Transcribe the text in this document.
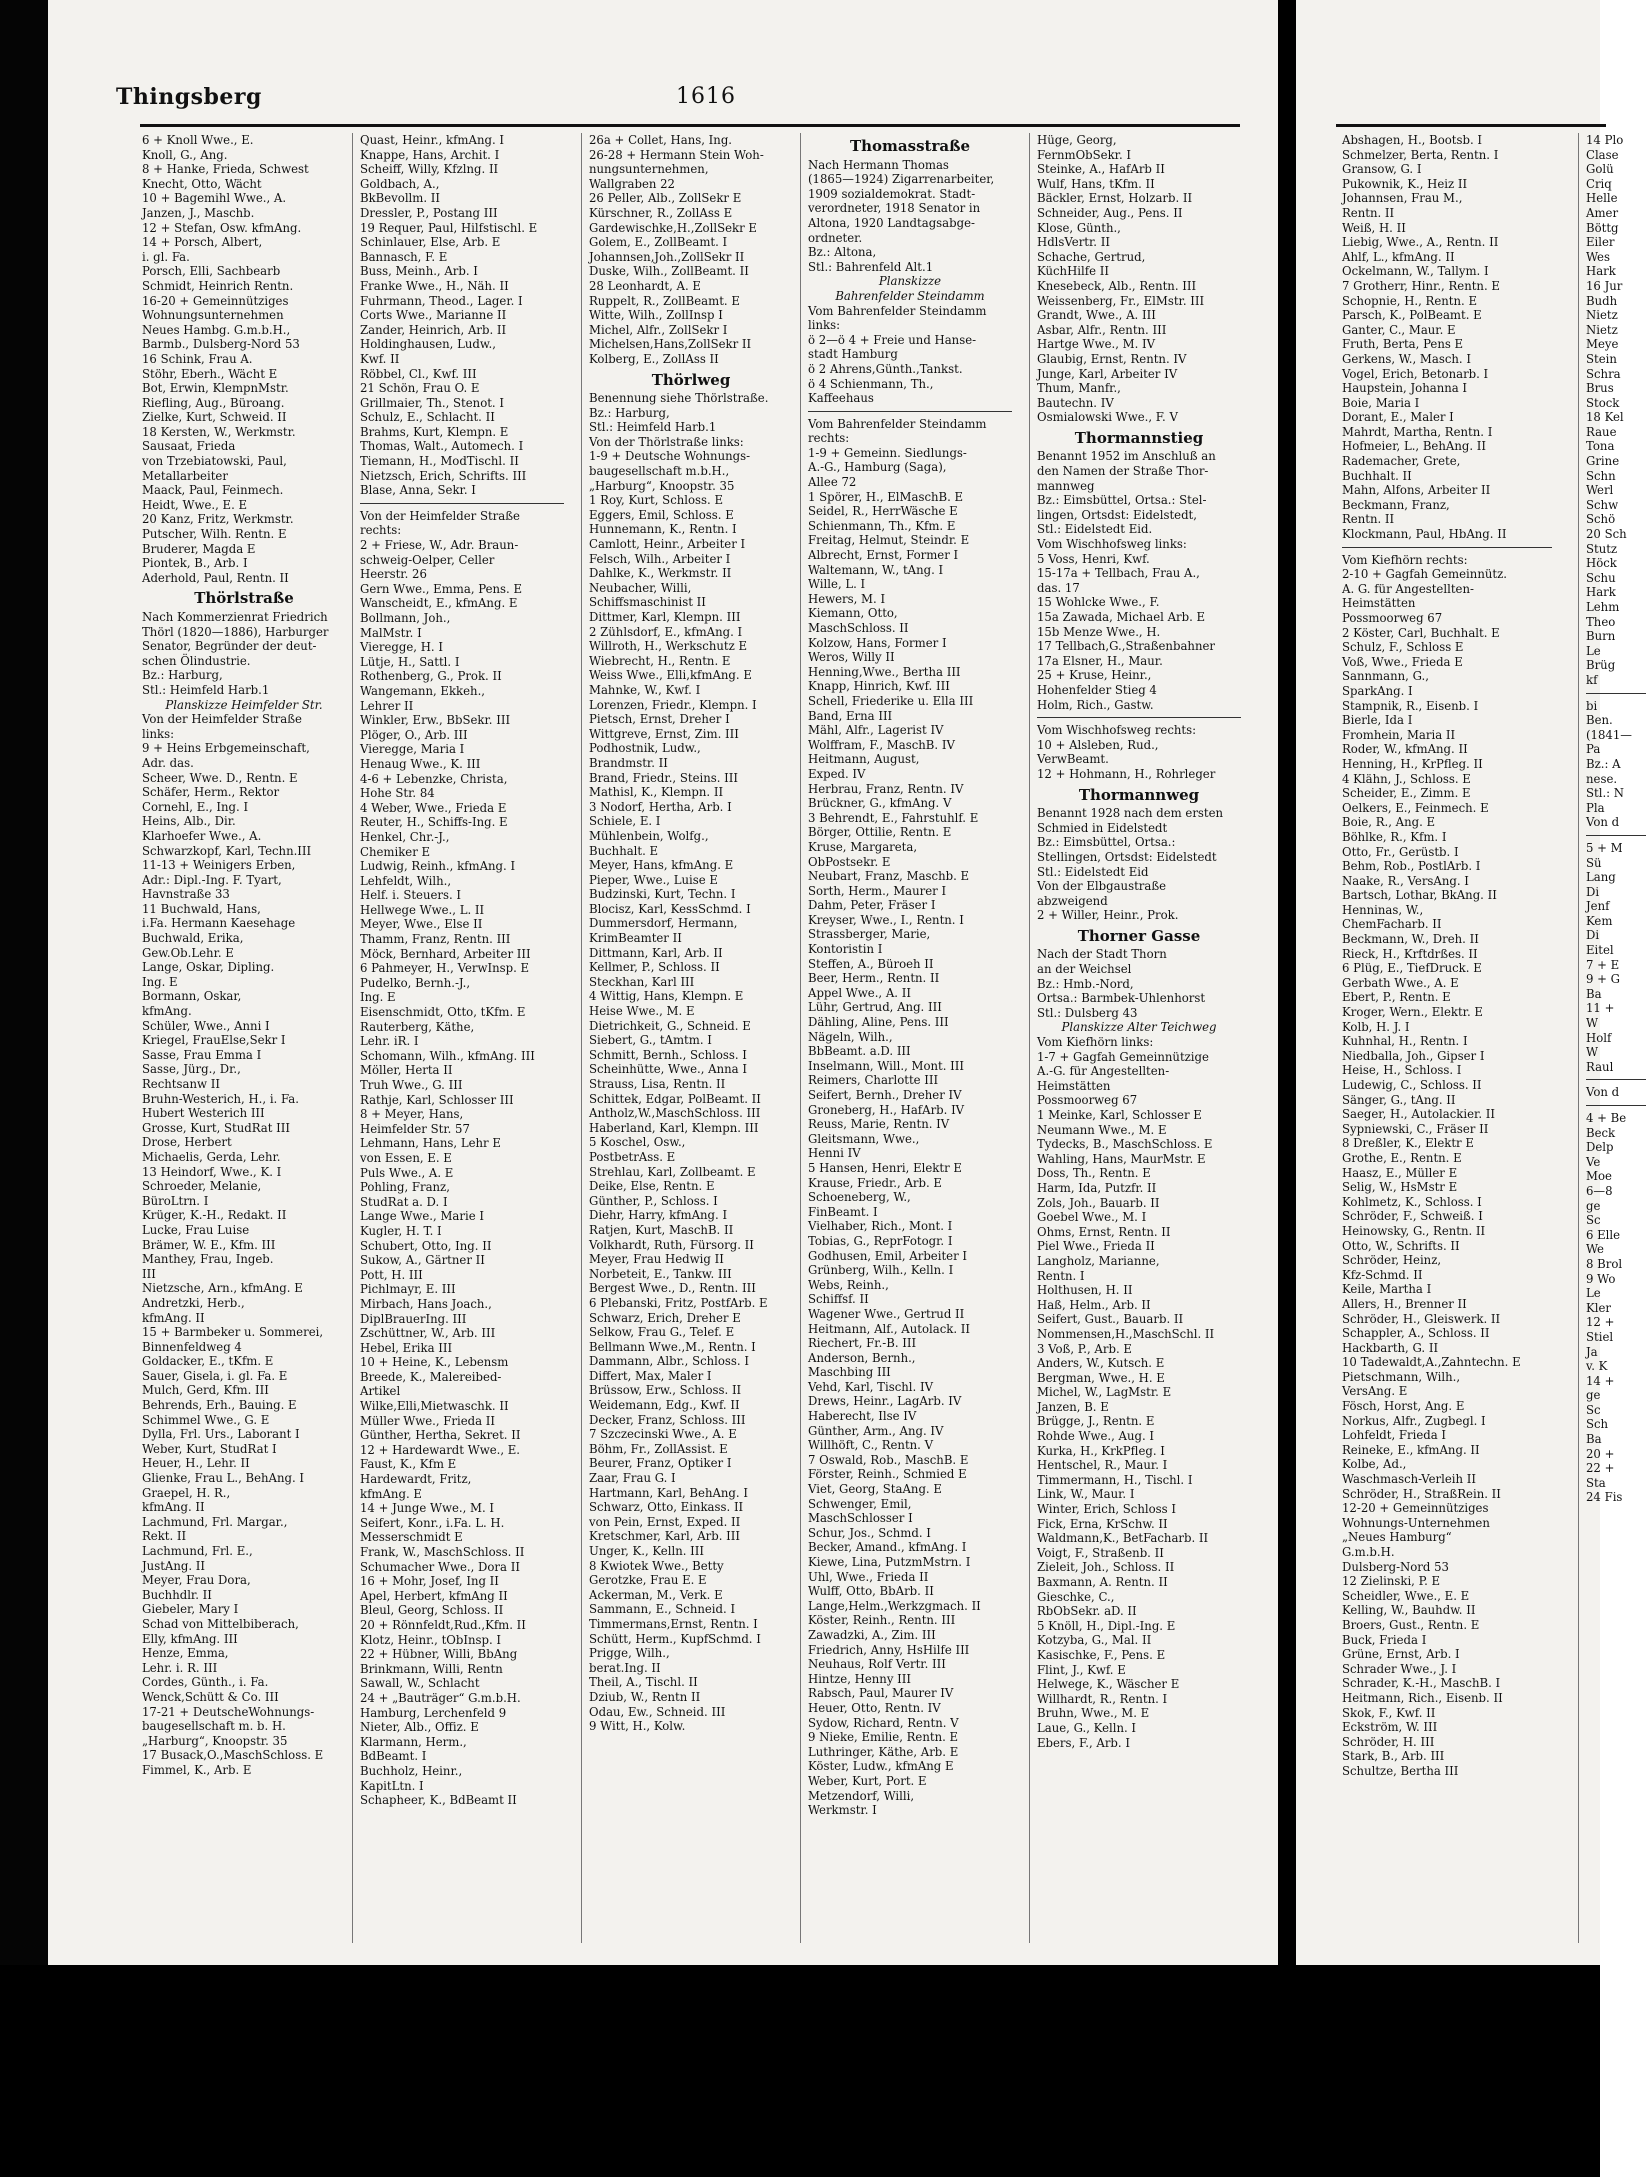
Thingsberg	1616
6 + Knoll Wwe., E.
Knoll, G., Ang.
8 + Hanke, Frieda, Schwest
Knecht, Otto, Wächt
10 + Bagemihl Wwe., A.
Janzen, J., Maschb.
12 + Stefan, Osw. kfmAng.
14 + Porsch, Albert,
i. gl. Fa.
Porsch, Elli, Sachbearb
Schmidt, Heinrich Rentn.
16-20 + Gemeinnütziges
Wohnungsunternehmen
Neues Hambg. G.m.b.H.,
Barmb., Dulsberg-Nord 53
16 Schink, Frau A.
Stöhr, Eberh., Wächt E
Bot, Erwin, KlempnMstr.
Riefling, Aug., Büroang.
Zielke, Kurt, Schweid. II
18 Kersten, W., Werkmstr.
Sausaat, Frieda
von Trzebiatowski, Paul,
Metallarbeiter
Maack, Paul, Feinmech.
Heidt, Wwe., E. E
20 Kanz, Fritz, Werkmstr.
Putscher, Wilh. Rentn. E
Bruderer, Magda E
Piontek, B., Arb. I
Aderhold, Paul, Rentn. II
Thörlstraße
Nach Kommerzienrat Friedrich
Thörl (1820—1886), Harburger
Senator, Begründer der deut-
schen Ölindustrie.
Bz.: Harburg,
Stl.: Heimfeld Harb.1
Planskizze Heimfelder Str.
Von der Heimfelder Straße
links:
9 + Heins Erbgemeinschaft,
Adr. das.
Scheer, Wwe. D., Rentn. E
Schäfer, Herm., Rektor
Cornehl, E., Ing. I
Heins, Alb., Dir.
Klarhoefer Wwe., A.
Schwarzkopf, Karl, Techn.III
11-13 + Weinigers Erben,
Adr.: Dipl.-Ing. F. Tyart,
Havnstraße 33
11 Buchwald, Hans,
i.Fa. Hermann Kaesehage
Buchwald, Erika,
Gew.Ob.Lehr. E
Lange, Oskar, Dipling.
Ing. E
Bormann, Oskar,
kfmAng.
Schüler, Wwe., Anni I
Kriegel, FrauElse,Sekr I
Sasse, Frau Emma I
Sasse, Jürg., Dr.,
Rechtsanw II
Bruhn-Westerich, H., i. Fa.
Hubert Westerich III
Grosse, Kurt, StudRat III
Drose, Herbert
Michaelis, Gerda, Lehr.
13 Heindorf, Wwe., K. I
Schroeder, Melanie,
BüroLtrn. I
Krüger, K.-H., Redakt. II
Lucke, Frau Luise
Brämer, W. E., Kfm. III
Manthey, Frau, Ingeb.
III
Nietzsche, Arn., kfmAng. E
Andretzki, Herb.,
kfmAng. II
15 + Barmbeker u. Sommerei,
Binnenfeldweg 4
Goldacker, E., tKfm. E
Sauer, Gisela, i. gl. Fa. E
Mulch, Gerd, Kfm. III
Behrends, Erh., Bauing. E
Schimmel Wwe., G. E
Dylla, Frl. Urs., Laborant I
Weber, Kurt, StudRat I
Heuer, H., Lehr. II
Glienke, Frau L., BehAng. I
Graepel, H. R.,
kfmAng. II
Lachmund, Frl. Margar.,
Rekt. II
Lachmund, Frl. E.,
JustAng. II
Meyer, Frau Dora,
Buchhdlr. II
Giebeler, Mary I
Schad von Mittelbiberach,
Elly, kfmAng. III
Henze, Emma,
Lehr. i. R. III
Cordes, Günth., i. Fa.
Wenck,Schütt & Co. III
17-21 + DeutscheWohnungs-
baugesellschaft m. b. H.
„Harburg“, Knoopstr. 35
17 Busack,O.,MaschSchloss. E
Fimmel, K., Arb. E
Quast, Heinr., kfmAng. I
Knappe, Hans, Archit. I
Scheiff, Willy, Kfzlng. II
Goldbach, A.,
BkBevollm. II
Dressler, P., Postang III
19 Requer, Paul, Hilfstischl. E
Schinlauer, Else, Arb. E
Bannasch, F. E
Buss, Meinh., Arb. I
Franke Wwe., H., Näh. II
Fuhrmann, Theod., Lager. I
Corts Wwe., Marianne II
Zander, Heinrich, Arb. II
Holdinghausen, Ludw.,
Kwf. II
Röbbel, Cl., Kwf. III
21 Schön, Frau O. E
Grillmaier, Th., Stenot. I
Schulz, E., Schlacht. II
Brahms, Kurt, Klempn. E
Thomas, Walt., Automech. I
Tiemann, H., ModTischl. II
Nietzsch, Erich, Schrifts. III
Blase, Anna, Sekr. I
Von der Heimfelder Straße
rechts:
2 + Friese, W., Adr. Braun-
schweig-Oelper, Celler
Heerstr. 26
Gern Wwe., Emma, Pens. E
Wanscheidt, E., kfmAng. E
Bollmann, Joh.,
MalMstr. I
Vieregge, H. I
Lütje, H., Sattl. I
Rothenberg, G., Prok. II
Wangemann, Ekkeh.,
Lehrer II
Winkler, Erw., BbSekr. III
Plöger, O., Arb. III
Vieregge, Maria I
Henaug Wwe., K. III
4-6 + Lebenzke, Christa,
Hohe Str. 84
4 Weber, Wwe., Frieda E
Reuter, H., Schiffs-Ing. E
Henkel, Chr.-J.,
Chemiker E
Ludwig, Reinh., kfmAng. I
Lehfeldt, Wilh.,
Helf. i. Steuers. I
Hellwege Wwe., L. II
Meyer, Wwe., Else II
Thamm, Franz, Rentn. III
Möck, Bernhard, Arbeiter III
6 Pahmeyer, H., VerwInsp. E
Pudelko, Bernh.-J.,
Ing. E
Eisenschmidt, Otto, tKfm. E
Rauterberg, Käthe,
Lehr. iR. I
Schomann, Wilh., kfmAng. III
Möller, Herta II
Truh Wwe., G. III
Rathje, Karl, Schlosser III
8 + Meyer, Hans,
Heimfelder Str. 57
Lehmann, Hans, Lehr E
von Essen, E. E
Puls Wwe., A. E
Pohling, Franz,
StudRat a. D. I
Lange Wwe., Marie I
Kugler, H. T. I
Schubert, Otto, Ing. II
Sukow, A., Gärtner II
Pott, H. III
Pichlmayr, E. III
Mirbach, Hans Joach.,
DiplBrauerIng. III
Zschüttner, W., Arb. III
Hebel, Erika III
10 + Heine, K., Lebensm
Breede, K., Malereibed-
Artikel
Wilke,Elli,Mietwaschk. II
Müller Wwe., Frieda II
Günther, Hertha, Sekret. II
12 + Hardewardt Wwe., E.
Faust, K., Kfm E
Hardewardt, Fritz,
kfmAng. E
14 + Junge Wwe., M. I
Seifert, Konr., i.Fa. L. H.
Messerschmidt E
Frank, W., MaschSchloss. II
Schumacher Wwe., Dora II
16 + Mohr, Josef, Ing II
Apel, Herbert, kfmAng II
Bleul, Georg, Schloss. II
20 + Rönnfeldt,Rud.,Kfm. II
Klotz, Heinr., tObInsp. I
22 + Hübner, Willi, BbAng
Brinkmann, Willi, Rentn
Sawall, W., Schlacht
24 + „Bauträger“ G.m.b.H.
Hamburg, Lerchenfeld 9
Nieter, Alb., Offiz. E
Klarmann, Herm.,
BdBeamt. I
Buchholz, Heinr.,
KapitLtn. I
Schapheer, K., BdBeamt II
26a + Collet, Hans, Ing.
26-28 + Hermann Stein Woh-
nungsunternehmen,
Wallgraben 22
26 Peller, Alb., ZollSekr E
Kürschner, R., ZollAss E
Gardewischke,H.,ZollSekr E
Golem, E., ZollBeamt. I
Johannsen,Joh.,ZollSekr II
Duske, Wilh., ZollBeamt. II
28 Leonhardt, A. E
Ruppelt, R., ZollBeamt. E
Witte, Wilh., ZollInsp I
Michel, Alfr., ZollSekr I
Michelsen,Hans,ZollSekr II
Kolberg, E., ZollAss II
Thörlweg
Benennung siehe Thörlstraße.
Bz.: Harburg,
Stl.: Heimfeld Harb.1
Von der Thörlstraße links:
1-9 + Deutsche Wohnungs-
baugesellschaft m.b.H.,
„Harburg“, Knoopstr. 35
1 Roy, Kurt, Schloss. E
Eggers, Emil, Schloss. E
Hunnemann, K., Rentn. I
Camlott, Heinr., Arbeiter I
Felsch, Wilh., Arbeiter I
Dahlke, K., Werkmstr. II
Neubacher, Willi,
Schiffsmaschinist II
Dittmer, Karl, Klempn. III
2 Zühlsdorf, E., kfmAng. I
Willroth, H., Werkschutz E
Wiebrecht, H., Rentn. E
Weiss Wwe., Elli,kfmAng. E
Mahnke, W., Kwf. I
Lorenzen, Friedr., Klempn. I
Pietsch, Ernst, Dreher I
Wittgreve, Ernst, Zim. III
Podhostnik, Ludw.,
Brandmstr. II
Brand, Friedr., Steins. III
Mathisl, K., Klempn. II
3 Nodorf, Hertha, Arb. I
Schiele, E. I
Mühlenbein, Wolfg.,
Buchhalt. E
Meyer, Hans, kfmAng. E
Pieper, Wwe., Luise E
Budzinski, Kurt, Techn. I
Blocisz, Karl, KessSchmd. I
Dummersdorf, Hermann,
KrimBeamter II
Dittmann, Karl, Arb. II
Kellmer, P., Schloss. II
Steckhan, Karl III
4 Wittig, Hans, Klempn. E
Heise Wwe., M. E
Dietrichkeit, G., Schneid. E
Siebert, G., tAmtm. I
Schmitt, Bernh., Schloss. I
Scheinhütte, Wwe., Anna I
Strauss, Lisa, Rentn. II
Schittek, Edgar, PolBeamt. II
Antholz,W.,MaschSchloss. III
Haberland, Karl, Klempn. III
5 Koschel, Osw.,
PostbetrAss. E
Strehlau, Karl, Zollbeamt. E
Deike, Else, Rentn. E
Günther, P., Schloss. I
Diehr, Harry, kfmAng. I
Ratjen, Kurt, MaschB. II
Volkhardt, Ruth, Fürsorg. II
Meyer, Frau Hedwig II
Norbeteit, E., Tankw. III
Bergest Wwe., D., Rentn. III
6 Plebanski, Fritz, PostfArb. E
Schwarz, Erich, Dreher E
Selkow, Frau G., Telef. E
Bellmann Wwe.,M., Rentn. I
Dammann, Albr., Schloss. I
Differt, Max, Maler I
Brüssow, Erw., Schloss. II
Weidemann, Edg., Kwf. II
Decker, Franz, Schloss. III
7 Szczecinski Wwe., A. E
Böhm, Fr., ZollAssist. E
Beurer, Franz, Optiker I
Zaar, Frau G. I
Hartmann, Karl, BehAng. I
Schwarz, Otto, Einkass. II
von Pein, Ernst, Exped. II
Kretschmer, Karl, Arb. III
Unger, K., Kelln. III
8 Kwiotek Wwe., Betty
Gerotzke, Frau E. E
Ackerman, M., Verk. E
Sammann, E., Schneid. I
Timmermans,Ernst, Rentn. I
Schütt, Herm., KupfSchmd. I
Prigge, Wilh.,
berat.Ing. II
Theil, A., Tischl. II
Dziub, W., Rentn II
Odau, Ew., Schneid. III
9 Witt, H., Kolw.
Thomasstraße
Nach Hermann Thomas
(1865—1924) Zigarrenarbeiter,
1909 sozialdemokrat. Stadt-
verordneter, 1918 Senator in
Altona, 1920 Landtagsabge-
ordneter.
Bz.: Altona,
Stl.: Bahrenfeld Alt.1
Planskizze
Bahrenfelder Steindamm
Vom Bahrenfelder Steindamm
links:
ö 2—ö 4 + Freie und Hanse-
stadt Hamburg
ö 2 Ahrens,Günth.,Tankst.
ö 4 Schienmann, Th.,
Kaffeehaus
Vom Bahrenfelder Steindamm
rechts:
1-9 + Gemeinn. Siedlungs-
A.-G., Hamburg (Saga),
Allee 72
1 Spörer, H., ElMaschB. E
Seidel, R., HerrWäsche E
Schienmann, Th., Kfm. E
Freitag, Helmut, Steindr. E
Albrecht, Ernst, Former I
Waltemann, W., tAng. I
Wille, L. I
Hewers, M. I
Kiemann, Otto,
MaschSchloss. II
Kolzow, Hans, Former I
Weros, Willy II
Henning,Wwe., Bertha III
Knapp, Hinrich, Kwf. III
Schell, Friederike u. Ella III
Band, Erna III
Mähl, Alfr., Lagerist IV
Wolffram, F., MaschB. IV
Heitmann, August,
Exped. IV
Herbrau, Franz, Rentn. IV
Brückner, G., kfmAng. V
3 Behrendt, E., Fahrstuhlf. E
Börger, Ottilie, Rentn. E
Kruse, Margareta,
ObPostsekr. E
Neubart, Franz, Maschb. E
Sorth, Herm., Maurer I
Dahm, Peter, Fräser I
Kreyser, Wwe., I., Rentn. I
Strassberger, Marie,
Kontoristin I
Steffen, A., Büroeh II
Beer, Herm., Rentn. II
Appel Wwe., A. II
Lühr, Gertrud, Ang. III
Dähling, Aline, Pens. III
Nägeln, Wilh.,
BbBeamt. a.D. III
Inselmann, Will., Mont. III
Reimers, Charlotte III
Seifert, Bernh., Dreher IV
Groneberg, H., HafArb. IV
Reuss, Marie, Rentn. IV
Gleitsmann, Wwe.,
Henni IV
5 Hansen, Henri, Elektr E
Krause, Friedr., Arb. E
Schoeneberg, W.,
FinBeamt. I
Vielhaber, Rich., Mont. I
Tobias, G., ReprFotogr. I
Godhusen, Emil, Arbeiter I
Grünberg, Wilh., Kelln. I
Webs, Reinh.,
Schiffsf. II
Wagener Wwe., Gertrud II
Heitmann, Alf., Autolack. II
Riechert, Fr.-B. III
Anderson, Bernh.,
Maschbing III
Vehd, Karl, Tischl. IV
Drews, Heinr., LagArb. IV
Haberecht, Ilse IV
Günther, Arm., Ang. IV
Willhöft, C., Rentn. V
7 Oswald, Rob., MaschB. E
Förster, Reinh., Schmied E
Viet, Georg, StaAng. E
Schwenger, Emil,
MaschSchlosser I
Schur, Jos., Schmd. I
Becker, Amand., kfmAng. I
Kiewe, Lina, PutzmMstrn. I
Uhl, Wwe., Frieda II
Wulff, Otto, BbArb. II
Lange,Helm.,Werkzgmach. II
Köster, Reinh., Rentn. III
Zawadzki, A., Zim. III
Friedrich, Anny, HsHilfe III
Neuhaus, Rolf Vertr. III
Hintze, Henny III
Rabsch, Paul, Maurer IV
Heuer, Otto, Rentn. IV
Sydow, Richard, Rentn. V
9 Nieke, Emilie, Rentn. E
Luthringer, Käthe, Arb. E
Köster, Ludw., kfmAng E
Weber, Kurt, Port. E
Metzendorf, Willi,
Werkmstr. I
Hüge, Georg,
FernmObSekr. I
Steinke, A., HafArb II
Wulf, Hans, tKfm. II
Bäckler, Ernst, Holzarb. II
Schneider, Aug., Pens. II
Klose, Günth.,
HdlsVertr. II
Schache, Gertrud,
KüchHilfe II
Knesebeck, Alb., Rentn. III
Weissenberg, Fr., ElMstr. III
Grandt, Wwe., A. III
Asbar, Alfr., Rentn. III
Hartge Wwe., M. IV
Glaubig, Ernst, Rentn. IV
Junge, Karl, Arbeiter IV
Thum, Manfr.,
Bautechn. IV
Osmialowski Wwe., F. V
Thormannstieg
Benannt 1952 im Anschluß an
den Namen der Straße Thor-
mannweg
Bz.: Eimsbüttel, Ortsa.: Stel-
lingen, Ortsdst: Eidelstedt,
Stl.: Eidelstedt Eid.
Vom Wischhofsweg links:
5 Voss, Henri, Kwf.
15-17a + Tellbach, Frau A.,
das. 17
15 Wohlcke Wwe., F.
15a Zawada, Michael Arb. E
15b Menze Wwe., H.
17 Tellbach,G.,Straßenbahner
17a Elsner, H., Maur.
25 + Kruse, Heinr.,
Hohenfelder Stieg 4
Holm, Rich., Gastw.
Vom Wischhofsweg rechts:
10 + Alsleben, Rud.,
VerwBeamt.
12 + Hohmann, H., Rohrleger
Thormannweg
Benannt 1928 nach dem ersten
Schmied in Eidelstedt
Bz.: Eimsbüttel, Ortsa.:
Stellingen, Ortsdst: Eidelstedt
Stl.: Eidelstedt Eid
Von der Elbgaustraße
abzweigend
2 + Willer, Heinr., Prok.
Thorner Gasse
Nach der Stadt Thorn
an der Weichsel
Bz.: Hmb.-Nord,
Ortsa.: Barmbek-Uhlenhorst
Stl.: Dulsberg 43
Planskizze Alter Teichweg
Vom Kiefhörn links:
1-7 + Gagfah Gemeinnützige
A.-G. für Angestellten-
Heimstätten
Possmoorweg 67
1 Meinke, Karl, Schlosser E
Neumann Wwe., M. E
Tydecks, B., MaschSchloss. E
Wahling, Hans, MaurMstr. E
Doss, Th., Rentn. E
Harm, Ida, Putzfr. II
Zols, Joh., Bauarb. II
Goebel Wwe., M. I
Ohms, Ernst, Rentn. II
Piel Wwe., Frieda II
Langholz, Marianne,
Rentn. I
Holthusen, H. II
Haß, Helm., Arb. II
Seifert, Gust., Bauarb. II
Nommensen,H.,MaschSchl. II
3 Voß, P., Arb. E
Anders, W., Kutsch. E
Bergman, Wwe., H. E
Michel, W., LagMstr. E
Janzen, B. E
Brügge, J., Rentn. E
Rohde Wwe., Aug. I
Kurka, H., KrkPfleg. I
Hentschel, R., Maur. I
Timmermann, H., Tischl. I
Link, W., Maur. I
Winter, Erich, Schloss I
Fick, Erna, KrSchw. II
Waldmann,K., BetFacharb. II
Voigt, F., Straßenb. II
Zieleit, Joh., Schloss. II
Baxmann, A. Rentn. II
Gieschke, C.,
RbObSekr. aD. II
5 Knöll, H., Dipl.-Ing. E
Kotzyba, G., Mal. II
Kasischke, F., Pens. E
Flint, J., Kwf. E
Helwege, K., Wäscher E
Willhardt, R., Rentn. I
Bruhn, Wwe., M. E
Laue, G., Kelln. I
Ebers, F., Arb. I
Abshagen, H., Bootsb. I
Schmelzer, Berta, Rentn. I
Gransow, G. I
Pukownik, K., Heiz II
Johannsen, Frau M.,
Rentn. II
Weiß, H. II
Liebig, Wwe., A., Rentn. II
Ahlf, L., kfmAng. II
Ockelmann, W., Tallym. I
7 Grotherr, Hinr., Rentn. E
Schopnie, H., Rentn. E
Parsch, K., PolBeamt. E
Ganter, C., Maur. E
Fruth, Berta, Pens E
Gerkens, W., Masch. I
Vogel, Erich, Betonarb. I
Haupstein, Johanna I
Boie, Maria I
Dorant, E., Maler I
Mahrdt, Martha, Rentn. I
Hofmeier, L., BehAng. II
Rademacher, Grete,
Buchhalt. II
Mahn, Alfons, Arbeiter II
Beckmann, Franz,
Rentn. II
Klockmann, Paul, HbAng. II
Vom Kiefhörn rechts:
2-10 + Gagfah Gemeinnütz.
A. G. für Angestellten-
Heimstätten
Possmoorweg 67
2 Köster, Carl, Buchhalt. E
Schulz, F., Schloss E
Voß, Wwe., Frieda E
Sannmann, G.,
SparkAng. I
Stampnik, R., Eisenb. I
Bierle, Ida I
Fromhein, Maria II
Roder, W., kfmAng. II
Henning, H., KrPfleg. II
4 Klähn, J., Schloss. E
Scheider, E., Zimm. E
Oelkers, E., Feinmech. E
Boie, R., Ang. E
Böhlke, R., Kfm. I
Otto, Fr., Gerüstb. I
Behm, Rob., PostlArb. I
Naake, R., VersAng. I
Bartsch, Lothar, BkAng. II
Henninas, W.,
ChemFacharb. II
Beckmann, W., Dreh. II
Rieck, H., Krftdrßes. II
6 Plüg, E., TiefDruck. E
Gerbath Wwe., A. E
Ebert, P., Rentn. E
Kroger, Wern., Elektr. E
Kolb, H. J. I
Kuhnhal, H., Rentn. I
Niedballa, Joh., Gipser I
Heise, H., Schloss. I
Ludewig, C., Schloss. II
Sänger, G., tAng. II
Saeger, H., Autolackier. II
Sypniewski, C., Fräser II
8 Dreßler, K., Elektr E
Grothe, E., Rentn. E
Haasz, E., Müller E
Selig, W., HsMstr E
Kohlmetz, K., Schloss. I
Schröder, F., Schweiß. I
Heinowsky, G., Rentn. II
Otto, W., Schrifts. II
Schröder, Heinz,
Kfz-Schmd. II
Keile, Martha I
Allers, H., Brenner II
Schröder, H., Gleiswerk. II
Schappler, A., Schloss. II
Hackbarth, G. II
10 Tadewaldt,A.,Zahntechn. E
Pietschmann, Wilh.,
VersAng. E
Fösch, Horst, Ang. E
Norkus, Alfr., Zugbegl. I
Lohfeldt, Frieda I
Reineke, E., kfmAng. II
Kolbe, Ad.,
Waschmasch-Verleih II
Schröder, H., StraßRein. II
12-20 + Gemeinnütziges
Wohnungs-Unternehmen
„Neues Hamburg“
G.m.b.H.
Dulsberg-Nord 53
12 Zielinski, P. E
Scheidler, Wwe., E. E
Kelling, W., Bauhdw. II
Broers, Gust., Rentn. E
Buck, Frieda I
Grüne, Ernst, Arb. I
Schrader Wwe., J. I
Schrader, K.-H., MaschB. I
Heitmann, Rich., Eisenb. II
Skok, F., Kwf. II
Eckström, W. III
Schröder, H. III
Stark, B., Arb. III
Schultze, Bertha III
14 Plo
Clase
Golü
Criq
Helle
Amer
Böttg
Eiler
Wes
Hark
16 Jur
Budh
Nietz
Nietz
Meye
Stein
Schra
Brus
Stock
18 Kel
Raue
Tona
Grine
Schn
Werl
Schw
Schö
20 Sch
Stutz
Höck
Schu
Hark
Lehm
Theo
Burn
Le
Brüg
kf
bi
Ben.
(1841—
Pa
Bz.: A
nese.
Stl.: N
Pla
Von d
5 + M
Sü
Lang
Di
Jenf
Kem
Di
Eitel
7 + E
9 + G
Ba
11 +
W
Holf
W
Raul
Von d
4 + Be
Beck
Delp
Ve
Moe
6—8
ge
Sc
6 Elle
We
8 Brol
9 Wo
Le
Kler
12 +
Stiel
Ja
v. K
14 +
ge
Sc
Sch
Ba
20 +
22 +
Sta
24 Fis
